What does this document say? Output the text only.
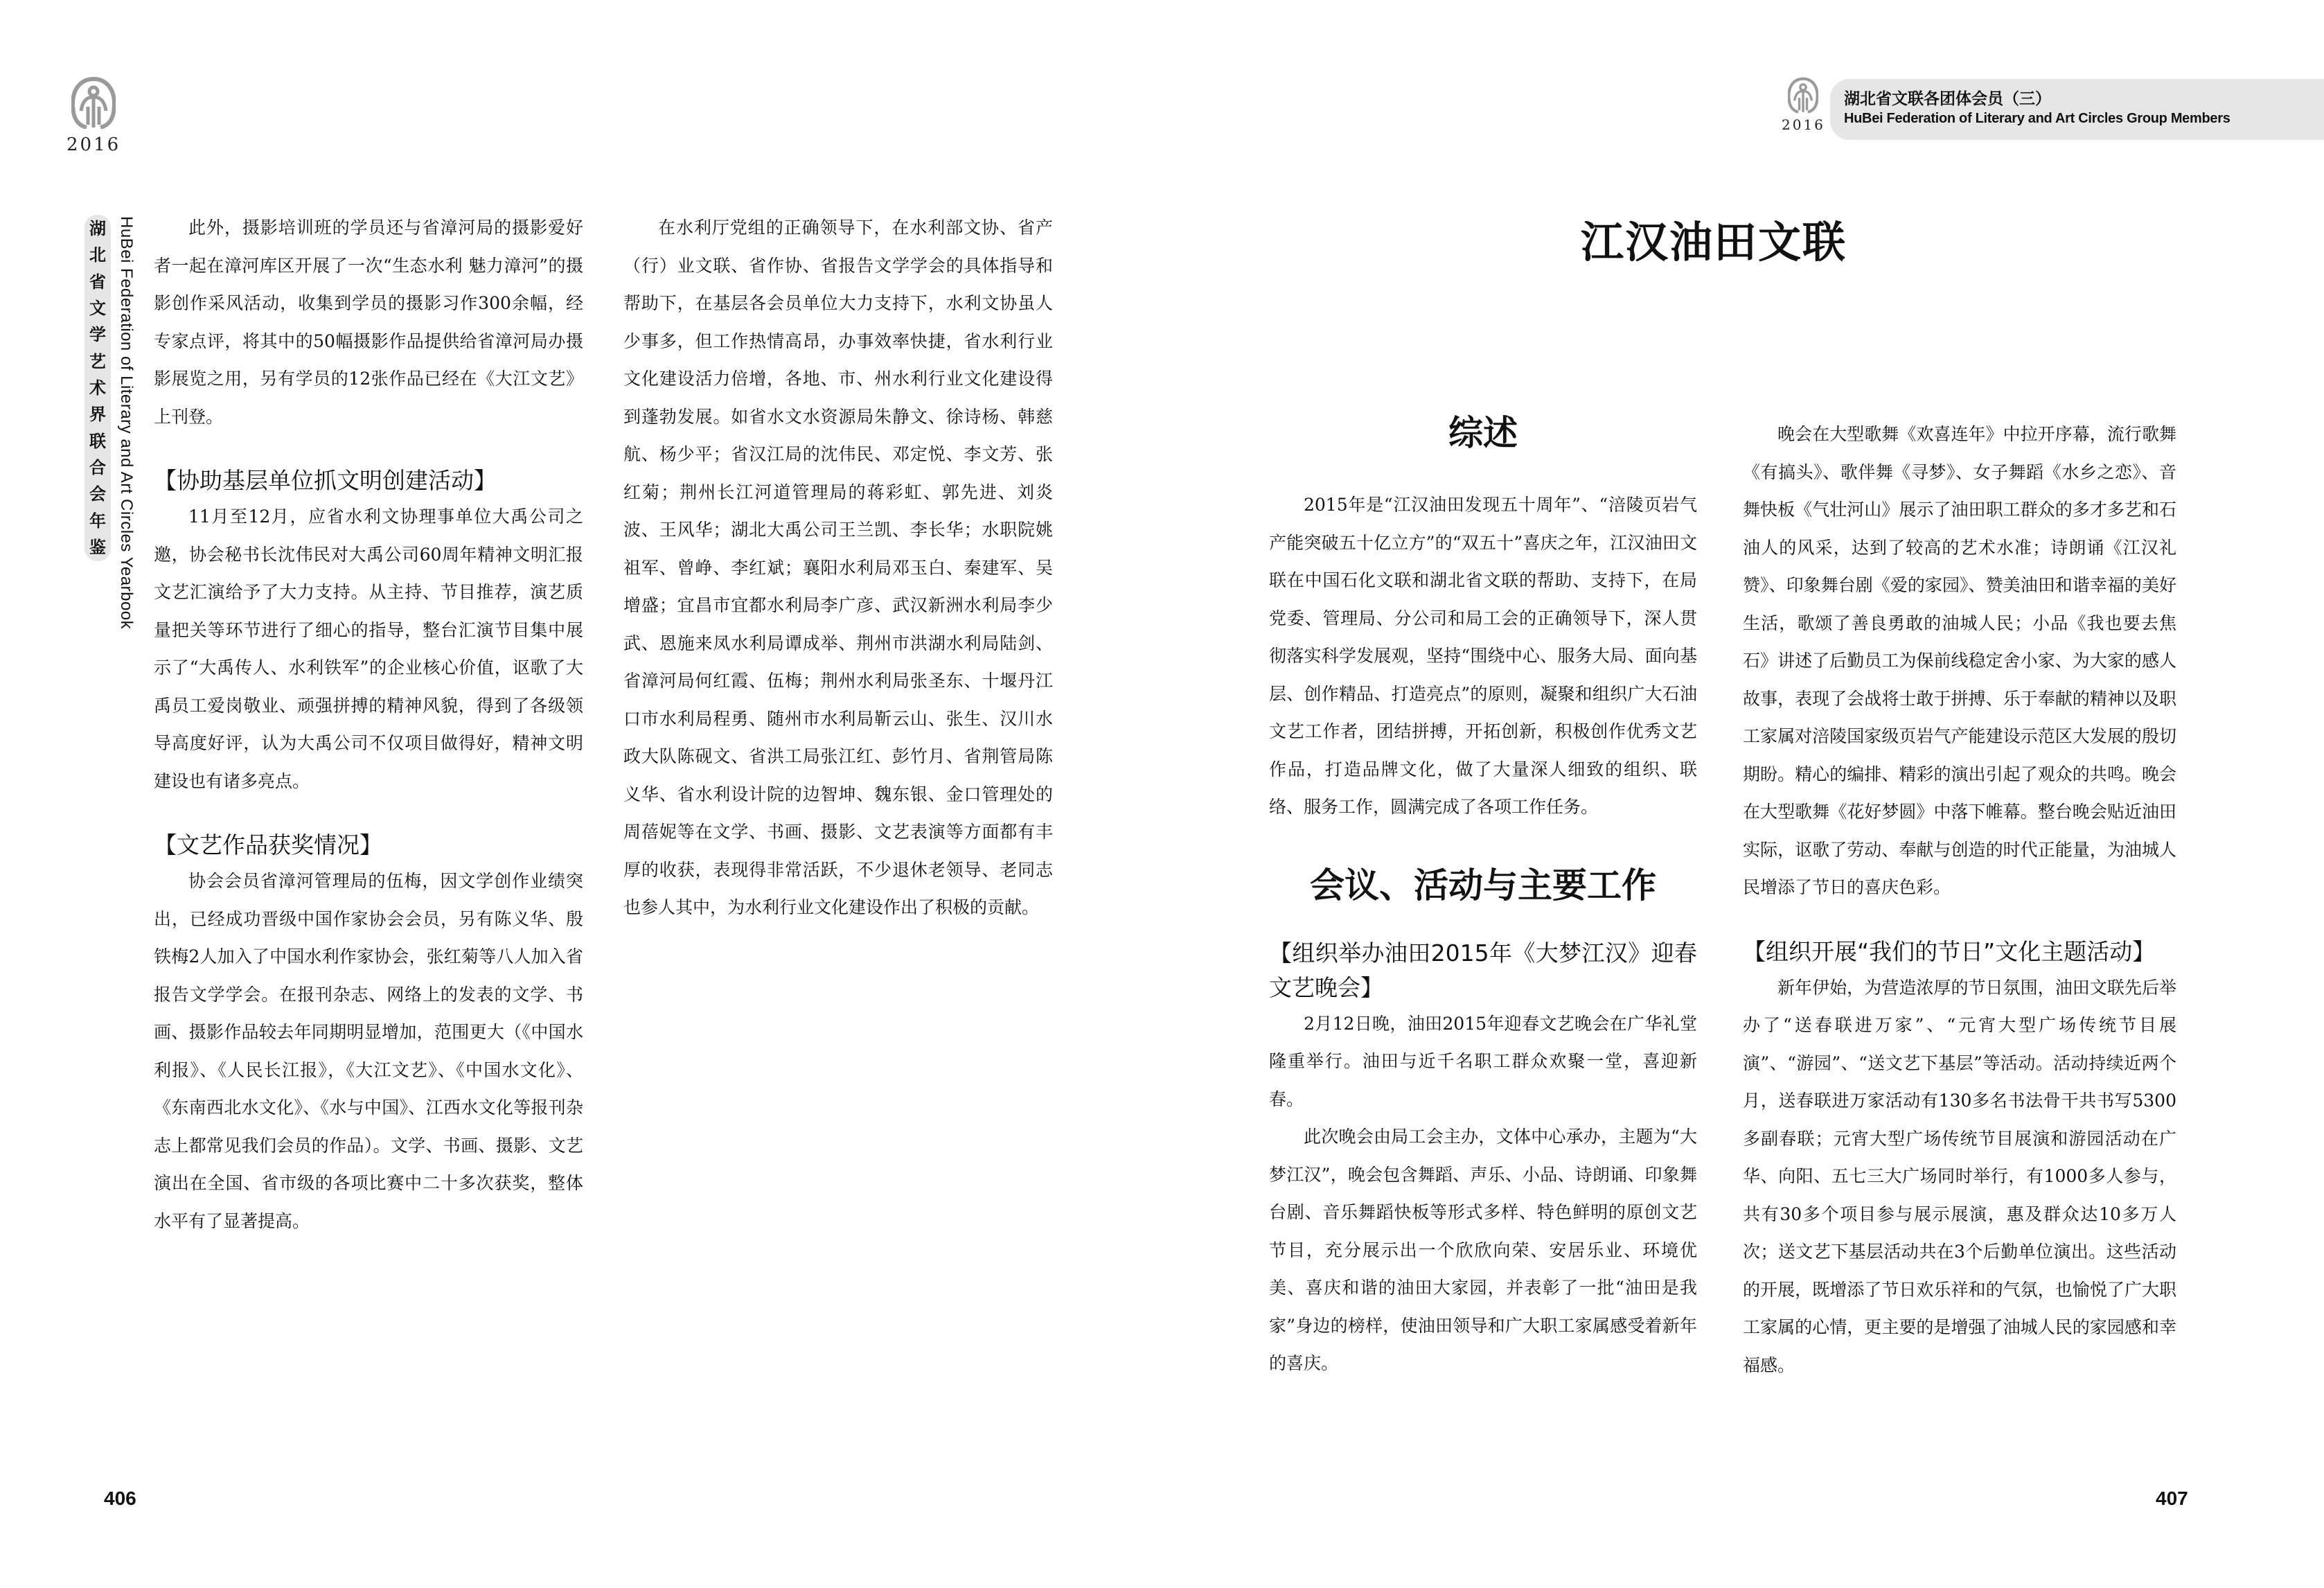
2016
湖
北
省
文
学
艺
术
界
联
合
会
年
鉴 HuBei Federation of Literary and Art Circles Yearbook	此外，摄影培训班的学员还与省漳河局的摄影爱好者一起在漳河库区开展了一次“生态水利 魅力漳河”的摄影创作采风活动，收集到学员的摄影习作300余幅，经专家点评，将其中的50幅摄影作品提供给省漳河局办摄影展览之用，另有学员的12张作品已经在《大江文艺》上刊登。

【协助基层单位抓文明创建活动】

11月至12月，应省水利文协理事单位大禹公司之邀，协会秘书长沈伟民对大禹公司60周年精神文明汇报文艺汇演给予了大力支持。从主持、节目推荐，演艺质量把关等环节进行了细心的指导，整台汇演节目集中展示了“大禹传人、水利铁军”的企业核心价值，讴歌了大禹员工爱岗敬业、顽强拼搏的精神风貌，得到了各级领导高度好评，认为大禹公司不仅项目做得好，精神文明建设也有诸多亮点。

【文艺作品获奖情况】

协会会员省漳河管理局的伍梅，因文学创作业绩突出，已经成功晋级中国作家协会会员，另有陈义华、殷铁梅2人加入了中国水利作家协会，张红菊等八人加入省报告文学学会。在报刊杂志、网络上的发表的文学、书画、摄影作品较去年同期明显增加，范围更大（《中国水利报》、《人民长江报》，《大江文艺》、《中国水文化》、《东南西北水文化》、《水与中国》、江西水文化等报刊杂志上都常见我们会员的作品）。文学、书画、摄影、文艺演出在全国、省市级的各项比赛中二十多次获奖，整体水平有了显著提高。

在水利厅党组的正确领导下，在水利部文协、省产（行）业文联、省作协、省报告文学学会的具体指导和帮助下，在基层各会员单位大力支持下，水利文协虽人少事多，但工作热情高昂，办事效率快捷，省水利行业文化建设活力倍增，各地、市、州水利行业文化建设得到蓬勃发展。如省水文水资源局朱静文、徐诗杨、韩慈航、杨少平；省汉江局的沈伟民、邓定悦、李文芳、张红菊；荆州长江河道管理局的蒋彩虹、郭先进、刘炎波、王风华；湖北大禹公司王兰凯、李长华；水职院姚祖军、曾峥、李红斌；襄阳水利局邓玉白、秦建军、吴增盛；宜昌市宜都水利局李广彦、武汉新洲水利局李少武、恩施来凤水利局谭成举、荆州市洪湖水利局陆剑、省漳河局何红霞、伍梅；荆州水利局张圣东、十堰丹江口市水利局程勇、随州市水利局靳云山、张生、汉川水政大队陈砚文、省洪工局张江红、彭竹月、省荆管局陈义华、省水利设计院的边智坤、魏东银、金口管理处的周蓓妮等在文学、书画、摄影、文艺表演等方面都有丰厚的收获，表现得非常活跃，不少退休老领导、老同志也参人其中，为水利行业文化建设作出了积极的贡献。

406
2016
湖北省文联各团体会员（三）
HuBei Federation of Literary and Art Circles Group Members
江汉油田文联
综述

2015年是“江汉油田发现五十周年”、“涪陵页岩气产能突破五十亿立方”的“双五十”喜庆之年，江汉油田文联在中国石化文联和湖北省文联的帮助、支持下，在局党委、管理局、分公司和局工会的正确领导下，深人贯彻落实科学发展观，坚持“围绕中心、服务大局、面向基层、创作精品、打造亮点”的原则，凝聚和组织广大石油文艺工作者，团结拼搏，开拓创新，积极创作优秀文艺作品，打造品牌文化，做了大量深人细致的组织、联络、服务工作，圆满完成了各项工作任务。

会议、活动与主要工作
【组织举办油田2015年《大梦江汉》迎春文艺晚会】

2月12日晚，油田2015年迎春文艺晚会在广华礼堂隆重举行。油田与近千名职工群众欢聚一堂，喜迎新春。

此次晚会由局工会主办，文体中心承办，主题为“大梦江汉”，晚会包含舞蹈、声乐、小品、诗朗诵、印象舞台剧、音乐舞蹈快板等形式多样、特色鲜明的原创文艺节目，充分展示出一个欣欣向荣、安居乐业、环境优美、喜庆和谐的油田大家园，并表彰了一批“油田是我家”身边的榜样，使油田领导和广大职工家属感受着新年的喜庆。

晚会在大型歌舞《欢喜连年》中拉开序幕，流行歌舞《有搞头》、歌伴舞《寻梦》、女子舞蹈《水乡之恋》、音舞快板《气壮河山》展示了油田职工群众的多才多艺和石油人的风采，达到了较高的艺术水准；诗朗诵《江汉礼赞》、印象舞台剧《爱的家园》、赞美油田和谐幸福的美好生活，歌颂了善良勇敢的油城人民；小品《我也要去焦石》讲述了后勤员工为保前线稳定舍小家、为大家的感人故事，表现了会战将士敢于拼搏、乐于奉献的精神以及职工家属对涪陵国家级页岩气产能建设示范区大发展的殷切期盼。精心的编排、精彩的演出引起了观众的共鸣。晚会在大型歌舞《花好梦圆》中落下帷幕。整台晚会贴近油田实际，讴歌了劳动、奉献与创造的时代正能量，为油城人民增添了节日的喜庆色彩。

【组织开展“我们的节日”文化主题活动】

新年伊始，为营造浓厚的节日氛围，油田文联先后举办了“送春联进万家”、“元宵大型广场传统节目展演”、“游园”、“送文艺下基层”等活动。活动持续近两个月，送春联进万家活动有130多名书法骨干共书写5300多副春联；元宵大型广场传统节目展演和游园活动在广华、向阳、五七三大广场同时举行，有1000多人参与，共有30多个项目参与展示展演，惠及群众达10多万人次；送文艺下基层活动共在3个后勤单位演出。这些活动的开展，既增添了节日欢乐祥和的气氛，也愉悦了广大职工家属的心情，更主要的是增强了油城人民的家园感和幸福感。

407
